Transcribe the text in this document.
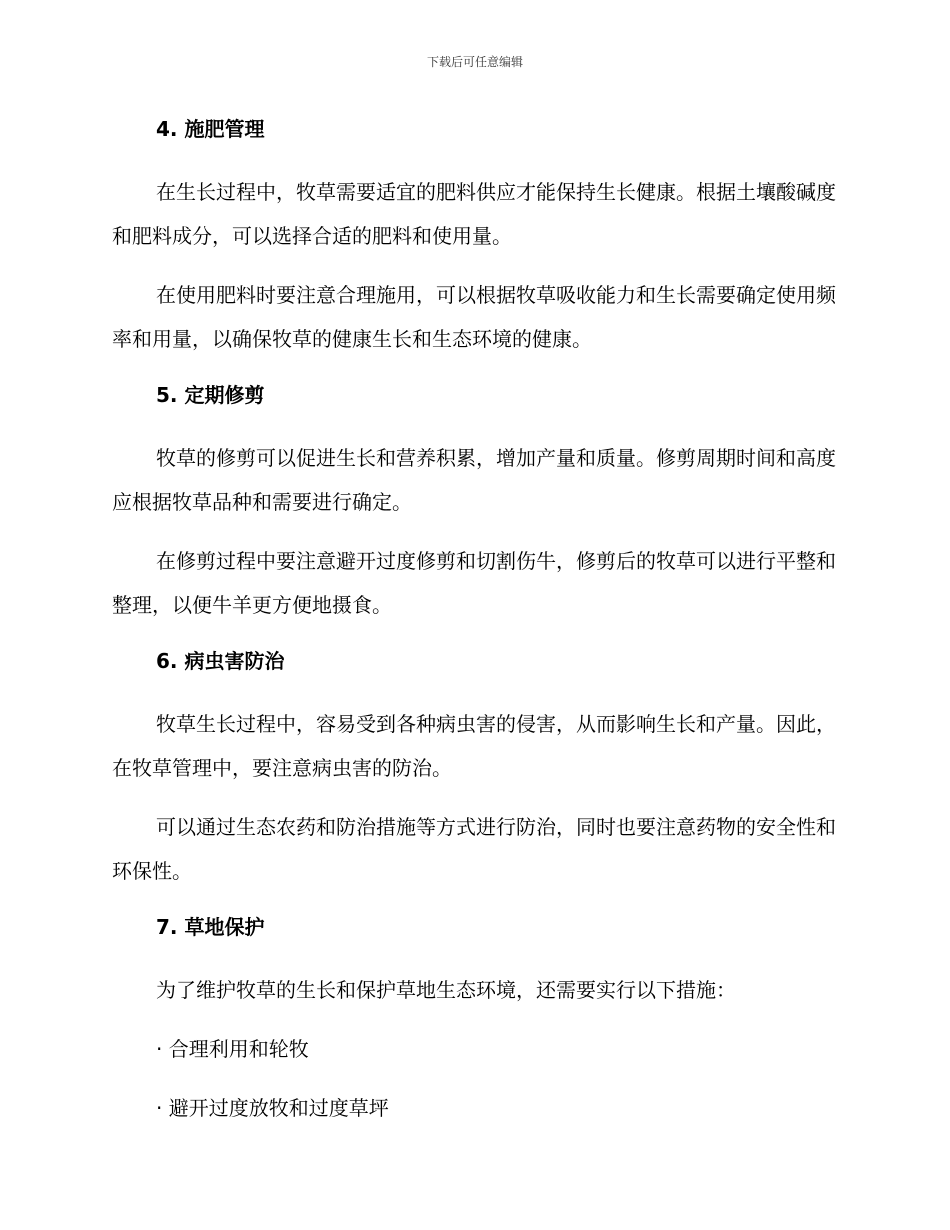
下载后可任意编辑
4. 施肥管理

在生长过程中，牧草需要适宜的肥料供应才能保持生长健康。根据土壤酸碱度和肥料成分，可以选择合适的肥料和使用量。

在使用肥料时要注意合理施用，可以根据牧草吸收能力和生长需要确定使用频率和用量，以确保牧草的健康生长和生态环境的健康。

5. 定期修剪

牧草的修剪可以促进生长和营养积累，增加产量和质量。修剪周期时间和高度应根据牧草品种和需要进行确定。

在修剪过程中要注意避开过度修剪和切割伤牛，修剪后的牧草可以进行平整和整理，以便牛羊更方便地摄食。

6. 病虫害防治

牧草生长过程中，容易受到各种病虫害的侵害，从而影响生长和产量。因此，在牧草管理中，要注意病虫害的防治。

可以通过生态农药和防治措施等方式进行防治，同时也要注意药物的安全性和环保性。

7. 草地保护

为了维护牧草的生长和保护草地生态环境，还需要实行以下措施：

· 合理利用和轮牧

· 避开过度放牧和过度草坪
